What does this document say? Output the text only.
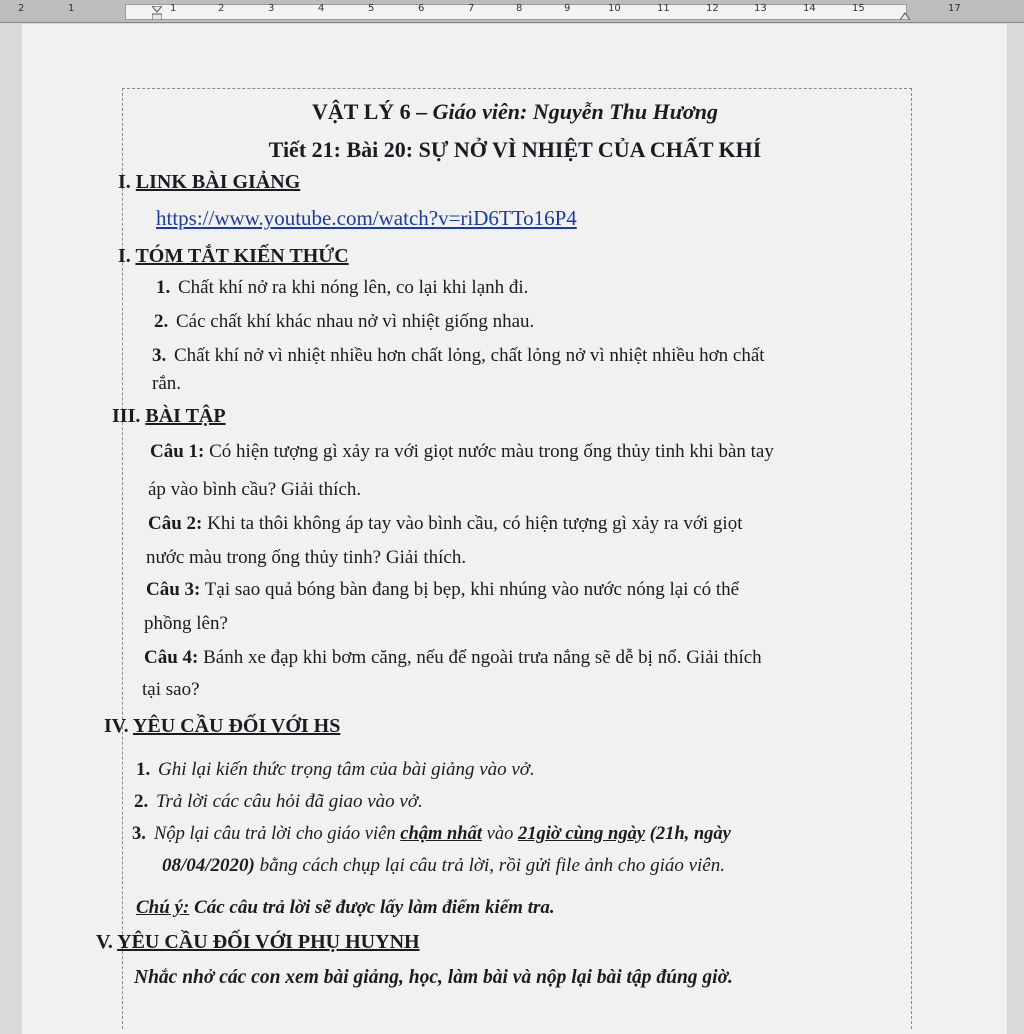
2	1	1	2	3	4	5	6	7	8	9	10	11	12	13	14	15	17
VẬT LÝ 6 – Giáo viên: Nguyễn Thu Hương
Tiết 21: Bài 20: SỰ NỞ VÌ NHIỆT CỦA CHẤT KHÍ
I. LINK BÀI GIẢNG
https://www.youtube.com/watch?v=riD6TTo16P4
I. TÓM TẮT KIẾN THỨC
1. Chất khí nở ra khi nóng lên, co lại khi lạnh đi.
2. Các chất khí khác nhau nở vì nhiệt giống nhau.
3. Chất khí nở vì nhiệt nhiều hơn chất lỏng, chất lỏng nở vì nhiệt nhiều hơn chất
rắn.
III. BÀI TẬP
Câu 1: Có hiện tượng gì xảy ra với giọt nước màu trong ống thủy tinh khi bàn tay
áp vào bình cầu? Giải thích.
Câu 2: Khi ta thôi không áp tay vào bình cầu, có hiện tượng gì xảy ra với giọt
nước màu trong ống thủy tinh? Giải thích.
Câu 3: Tại sao quả bóng bàn đang bị bẹp, khi nhúng vào nước nóng lại có thể
phồng lên?
Câu 4: Bánh xe đạp khi bơm căng, nếu để ngoài trưa nắng sẽ dễ bị nổ. Giải thích
tại sao?
IV. YÊU CẦU ĐỐI VỚI HS
1. Ghi lại kiến thức trọng tâm của bài giảng vào vở.
2. Trả lời các câu hỏi đã giao vào vở.
3. Nộp lại câu trả lời cho giáo viên chậm nhất vào 21giờ cùng ngày (21h, ngày
08/04/2020) bằng cách chụp lại câu trả lời, rồi gửi file ảnh cho giáo viên.
Chú ý: Các câu trả lời sẽ được lấy làm điểm kiểm tra.
V. YÊU CẦU ĐỐI VỚI PHỤ HUYNH
Nhắc nhở các con xem bài giảng, học, làm bài và nộp lại bài tập đúng giờ.
